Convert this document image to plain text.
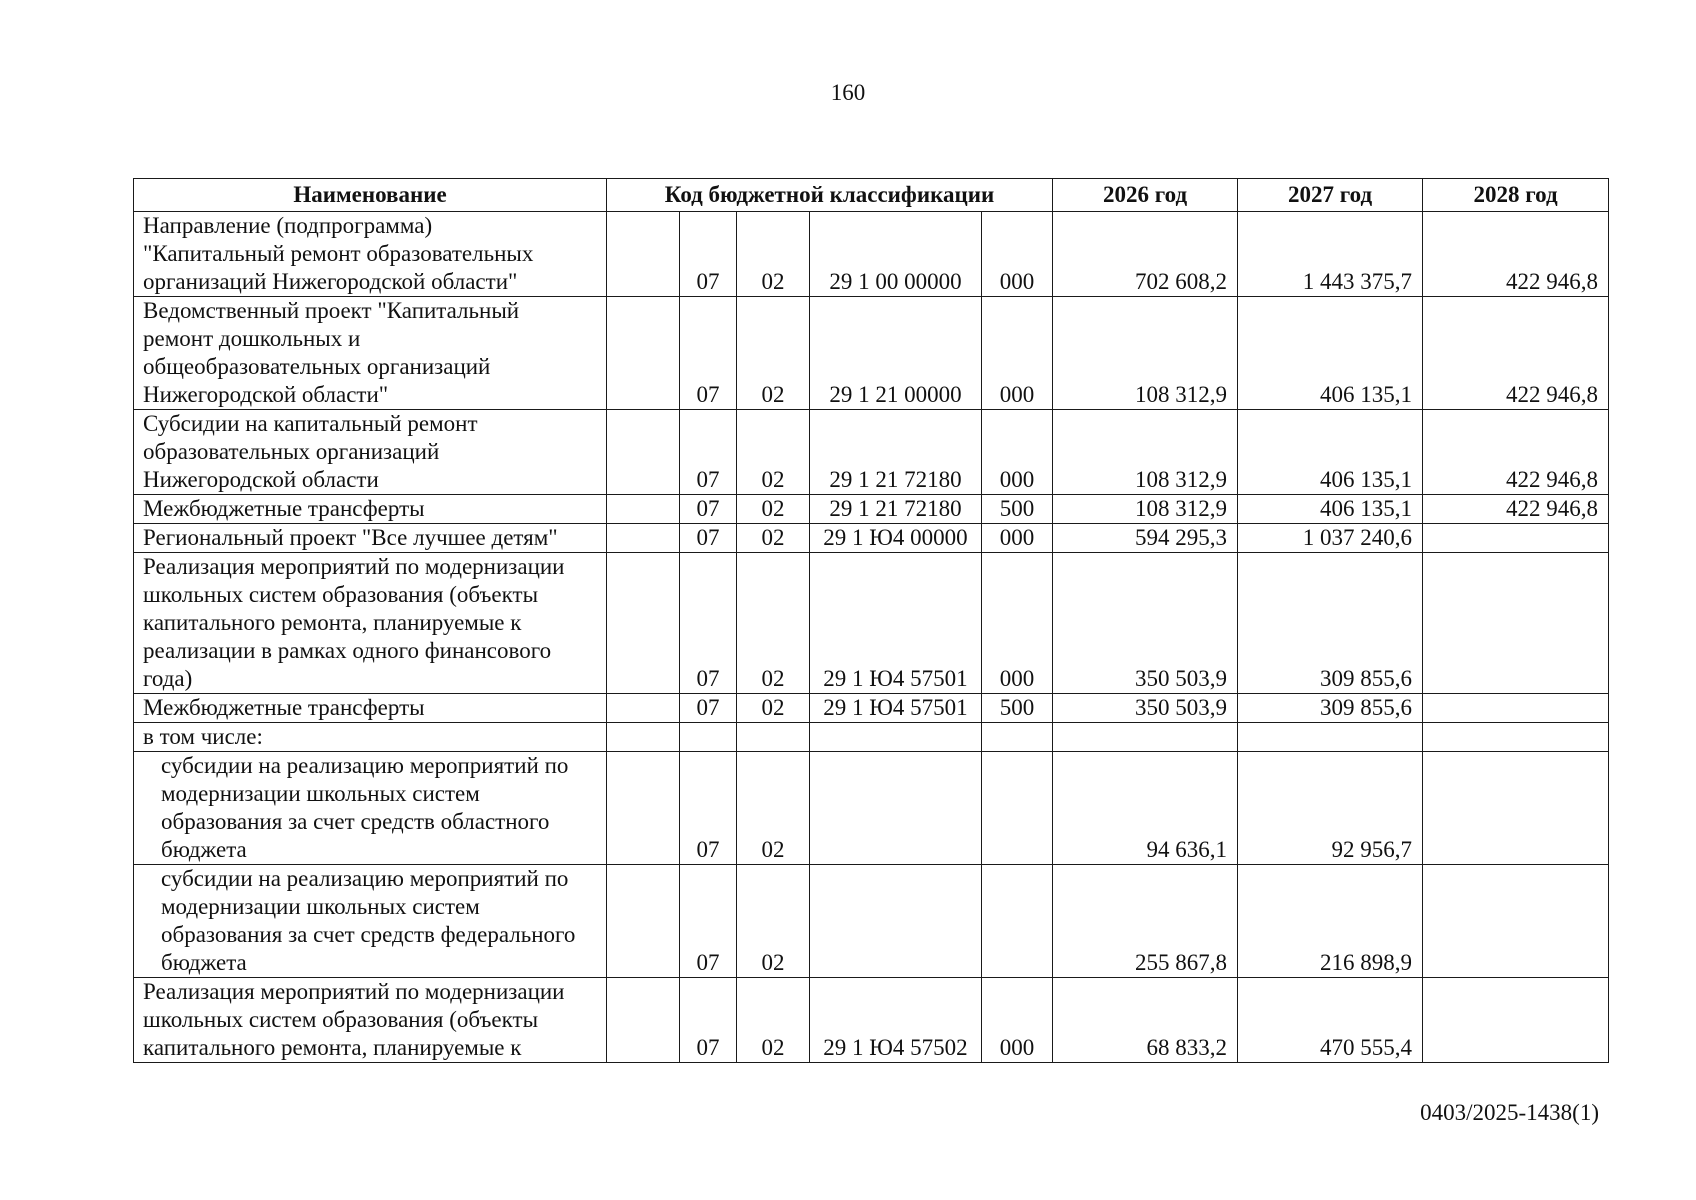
160
Наименование	Код бюджетной классификации					2026 год	2027 год	2028 год
Направление (подпрограмма)
"Капитальный ремонт образовательных
организаций Нижегородской области"		07	02	29 1 00 00000	000	702 608,2	1 443 375,7	422 946,8
Ведомственный проект "Капитальный
ремонт дошкольных и
общеобразовательных организаций
Нижегородской области"		07	02	29 1 21 00000	000	108 312,9	406 135,1	422 946,8
Субсидии на капитальный ремонт
образовательных организаций
Нижегородской области		07	02	29 1 21 72180	000	108 312,9	406 135,1	422 946,8
Межбюджетные трансферты		07	02	29 1 21 72180	500	108 312,9	406 135,1	422 946,8
Региональный проект "Все лучшее детям"		07	02	29 1 Ю4 00000	000	594 295,3	1 037 240,6	
Реализация мероприятий по модернизации
школьных систем образования (объекты
капитального ремонта, планируемые к
реализации в рамках одного финансового
года)		07	02	29 1 Ю4 57501	000	350 503,9	309 855,6	
Межбюджетные трансферты		07	02	29 1 Ю4 57501	500	350 503,9	309 855,6	
в том числе:								
субсидии на реализацию мероприятий по
модернизации школьных систем
образования за счет средств областного
бюджета		07	02			94 636,1	92 956,7	
субсидии на реализацию мероприятий по
модернизации школьных систем
образования за счет средств федерального
бюджета		07	02			255 867,8	216 898,9	
Реализация мероприятий по модернизации
школьных систем образования (объекты
капитального ремонта, планируемые к		07	02	29 1 Ю4 57502	000	68 833,2	470 555,4	
0403/2025-1438(1)
